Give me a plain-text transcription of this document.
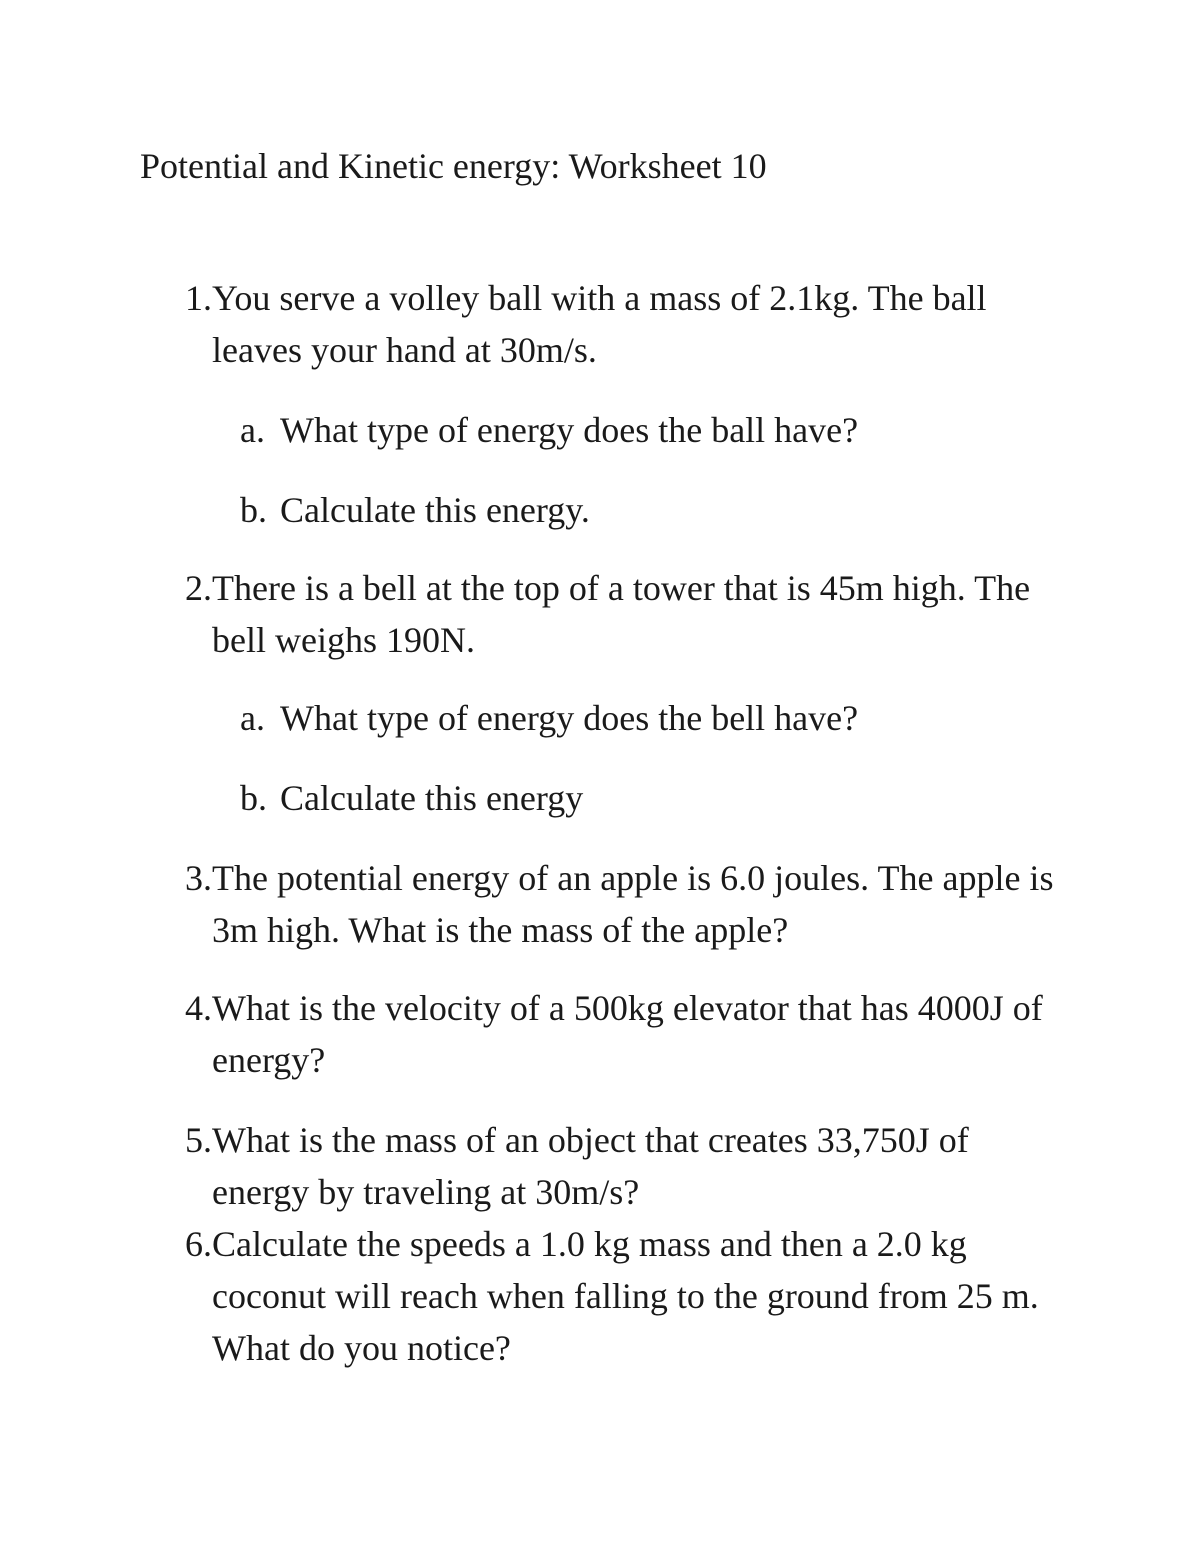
Potential and Kinetic energy: Worksheet 10
1. You serve a volley ball with a mass of 2.1kg. The ball leaves your hand at 30m/s.
a. What type of energy does the ball have?
b. Calculate this energy.
2. There is a bell at the top of a tower that is 45m high. The bell weighs 190N.
a. What type of energy does the bell have?
b. Calculate this energy
3. The potential energy of an apple is 6.0 joules. The apple is 3m high. What is the mass of the apple?
4. What is the velocity of a 500kg elevator that has 4000J of energy?
5. What is the mass of an object that creates 33,750J of energy by traveling at 30m/s?
6. Calculate the speeds a 1.0 kg mass and then a 2.0 kg coconut will reach when falling to the ground from 25 m. What do you notice?
